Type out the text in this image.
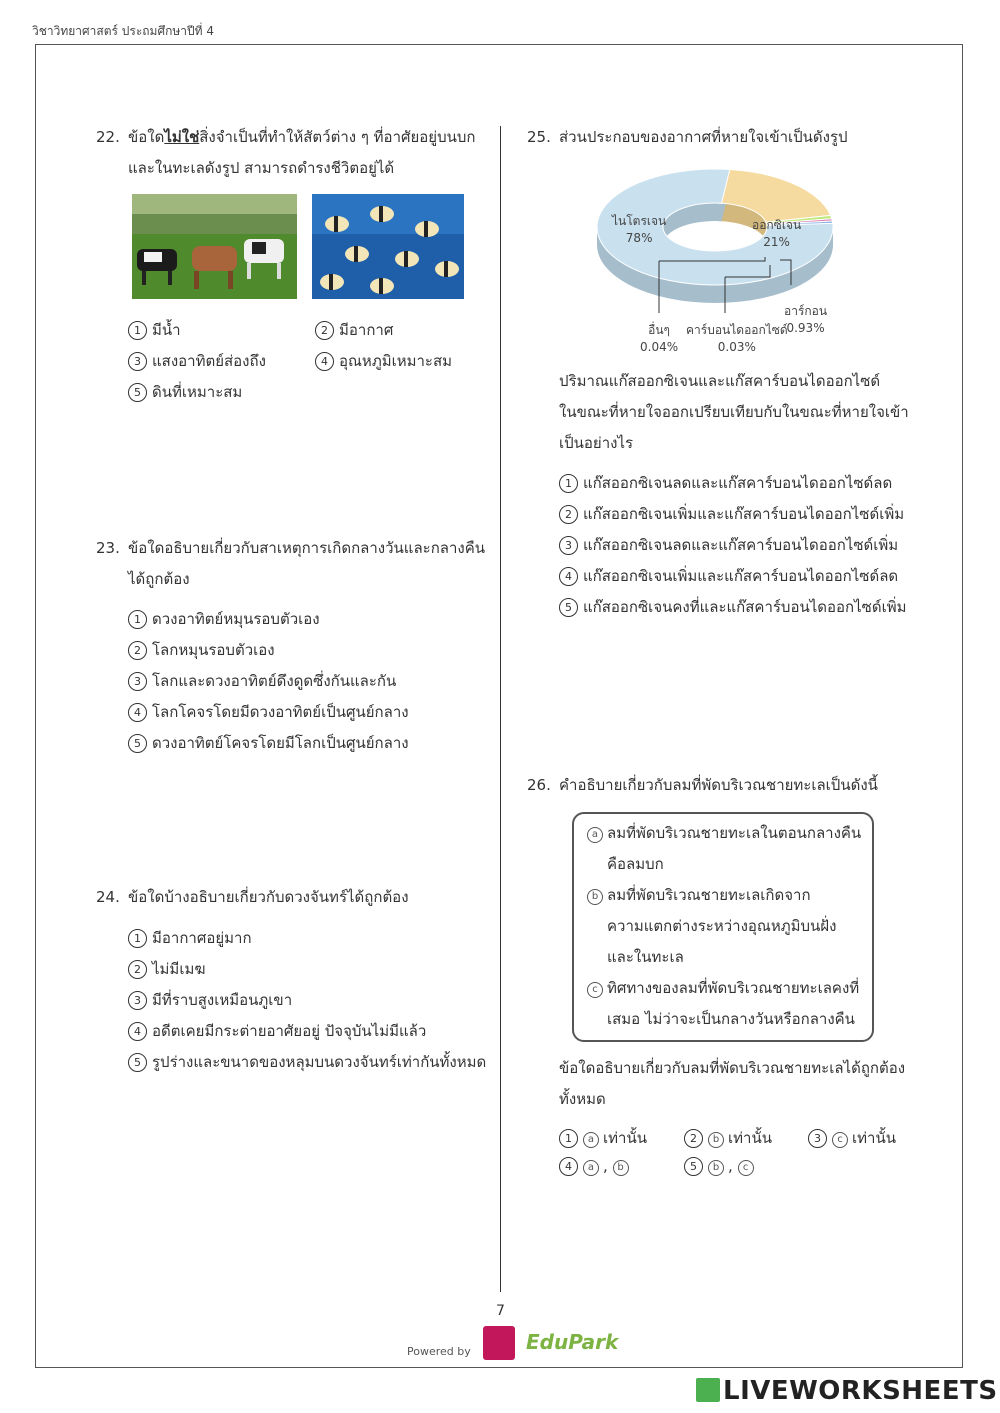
วิชาวิทยาศาสตร์ ประถมศึกษาปีที่ 4
22. ข้อใดไม่ใช่สิ่งจำเป็นที่ทำให้สัตว์ต่าง ๆ ที่อาศัยอยู่บนบก
และในทะเลดังรูป สามารถดำรงชีวิตอยู่ได้
1 มีน้ำ	2 มีอากาศ
3 แสงอาทิตย์ส่องถึง	4 อุณหภูมิเหมาะสม
5 ดินที่เหมาะสม
23. ข้อใดอธิบายเกี่ยวกับสาเหตุการเกิดกลางวันและกลางคืน
ได้ถูกต้อง
1 ดวงอาทิตย์หมุนรอบตัวเอง
2 โลกหมุนรอบตัวเอง
3 โลกและดวงอาทิตย์ดึงดูดซึ่งกันและกัน
4 โลกโคจรโดยมีดวงอาทิตย์เป็นศูนย์กลาง
5 ดวงอาทิตย์โคจรโดยมีโลกเป็นศูนย์กลาง
24. ข้อใดบ้างอธิบายเกี่ยวกับดวงจันทร์ได้ถูกต้อง
1 มีอากาศอยู่มาก
2 ไม่มีเมฆ
3 มีที่ราบสูงเหมือนภูเขา
4 อดีตเคยมีกระต่ายอาศัยอยู่ ปัจจุบันไม่มีแล้ว
5 รูปร่างและขนาดของหลุมบนดวงจันทร์เท่ากันทั้งหมด
25. ส่วนประกอบของอากาศที่หายใจเข้าเป็นดังรูป
ไนโตรเจน
78%
ออกซิเจน
21%
อาร์กอน
0.93%
คาร์บอนไดออกไซด์
0.03%
อื่นๆ
0.04%
ปริมาณแก๊สออกซิเจนและแก๊สคาร์บอนไดออกไซด์
ในขณะที่หายใจออกเปรียบเทียบกับในขณะที่หายใจเข้า
เป็นอย่างไร
1 แก๊สออกซิเจนลดและแก๊สคาร์บอนไดออกไซด์ลด
2 แก๊สออกซิเจนเพิ่มและแก๊สคาร์บอนไดออกไซด์เพิ่ม
3 แก๊สออกซิเจนลดและแก๊สคาร์บอนไดออกไซด์เพิ่ม
4 แก๊สออกซิเจนเพิ่มและแก๊สคาร์บอนไดออกไซด์ลด
5 แก๊สออกซิเจนคงที่และแก๊สคาร์บอนไดออกไซด์เพิ่ม
26. คำอธิบายเกี่ยวกับลมที่พัดบริเวณชายทะเลเป็นดังนี้
a ลมที่พัดบริเวณชายทะเลในตอนกลางคืน
คือลมบก
b ลมที่พัดบริเวณชายทะเลเกิดจาก
ความแตกต่างระหว่างอุณหภูมิบนฝั่ง
และในทะเล
c ทิศทางของลมที่พัดบริเวณชายทะเลคงที่
เสมอ ไม่ว่าจะเป็นกลางวันหรือกลางคืน
ข้อใดอธิบายเกี่ยวกับลมที่พัดบริเวณชายทะเลได้ถูกต้อง
ทั้งหมด
1 a เท่านั้น	2 b เท่านั้น	3 c เท่านั้น
4 a , b	5 b , c
7
Powered by	EduPark
LIVEWORKSHEETS
